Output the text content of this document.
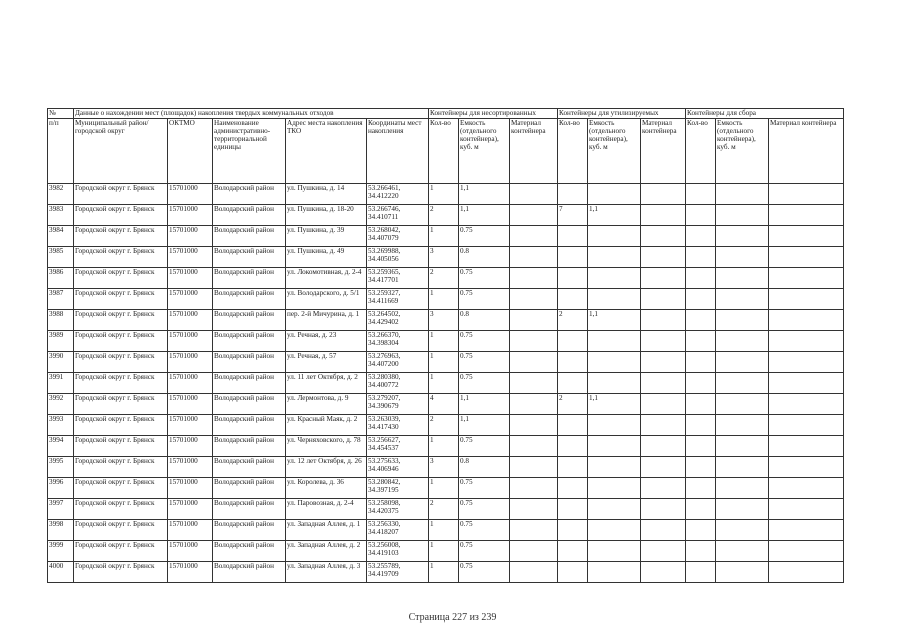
№	Данные о нахождении мест (площадок) накопления твердых коммунальных отходов					Контейнеры для несортированных			Контейнеры для утилизируемых			Контейнеры для сбора		
п/п	Муниципальный район/городской округ	ОКТМО	Наименование административно-территориальной единицы	Адрес места накопления ТКО	Координаты мест накопления	Кол-во	Емкость (отдельного контейнера), куб. м	Материал контейнера	Кол-во	Емкость (отдельного контейнера), куб. м	Материал контейнера	Кол-во	Емкость (отдельного контейнера), куб. м	Материал контейнера
3982	Городской округ г. Брянск	15701000	Володарский район	ул. Пушкина, д. 14	53.266461, 34.412220	1	1,1							
3983	Городской округ г. Брянск	15701000	Володарский район	ул. Пушкина, д. 18-20	53.266746, 34.410711	2	1,1		7	1,1				
3984	Городской округ г. Брянск	15701000	Володарский район	ул. Пушкина, д. 39	53.268042, 34.407079	1	0.75							
3985	Городской округ г. Брянск	15701000	Володарский район	ул. Пушкина, д. 49	53.269988, 34.405056	3	0.8							
3986	Городской округ г. Брянск	15701000	Володарский район	ул. Локомотивная, д. 2-4	53.259365, 34.417701	2	0.75							
3987	Городской округ г. Брянск	15701000	Володарский район	ул. Володарского, д. 5/1	53.259327, 34.411669	1	0.75							
3988	Городской округ г. Брянск	15701000	Володарский район	пер. 2-й Мичурина, д. 1	53.264502, 34.429402	3	0.8		2	1,1				
3989	Городской округ г. Брянск	15701000	Володарский район	ул. Речная, д. 23	53.266370, 34.398304	1	0.75							
3990	Городской округ г. Брянск	15701000	Володарский район	ул. Речная, д. 57	53.276963, 34.407200	1	0.75							
3991	Городской округ г. Брянск	15701000	Володарский район	ул. 11 лет Октября, д. 2	53.280380, 34.400772	1	0.75							
3992	Городской округ г. Брянск	15701000	Володарский район	ул. Лермонтова, д. 9	53.279207, 34.390679	4	1,1		2	1,1				
3993	Городской округ г. Брянск	15701000	Володарский район	ул. Красный Маяк, д. 2	53.263039, 34.417430	2	1,1							
3994	Городской округ г. Брянск	15701000	Володарский район	ул. Черняховского, д. 78	53.256627, 34.454537	1	0.75							
3995	Городской округ г. Брянск	15701000	Володарский район	ул. 12 лет Октября, д. 26	53.275633, 34.406946	3	0.8							
3996	Городской округ г. Брянск	15701000	Володарский район	ул. Королева, д. 36	53.280842, 34.397195	1	0.75							
3997	Городской округ г. Брянск	15701000	Володарский район	ул. Паровозная, д. 2-4	53.258098, 34.420375	2	0.75							
3998	Городской округ г. Брянск	15701000	Володарский район	ул. Западная Аллея, д. 1	53.256330, 34.418207	1	0.75							
3999	Городской округ г. Брянск	15701000	Володарский район	ул. Западная Аллея, д. 2	53.256008, 34.419103	1	0.75							
4000	Городской округ г. Брянск	15701000	Володарский район	ул. Западная Аллея, д. 3	53.255789, 34.419709	1	0.75							
Страница 227 из 239
